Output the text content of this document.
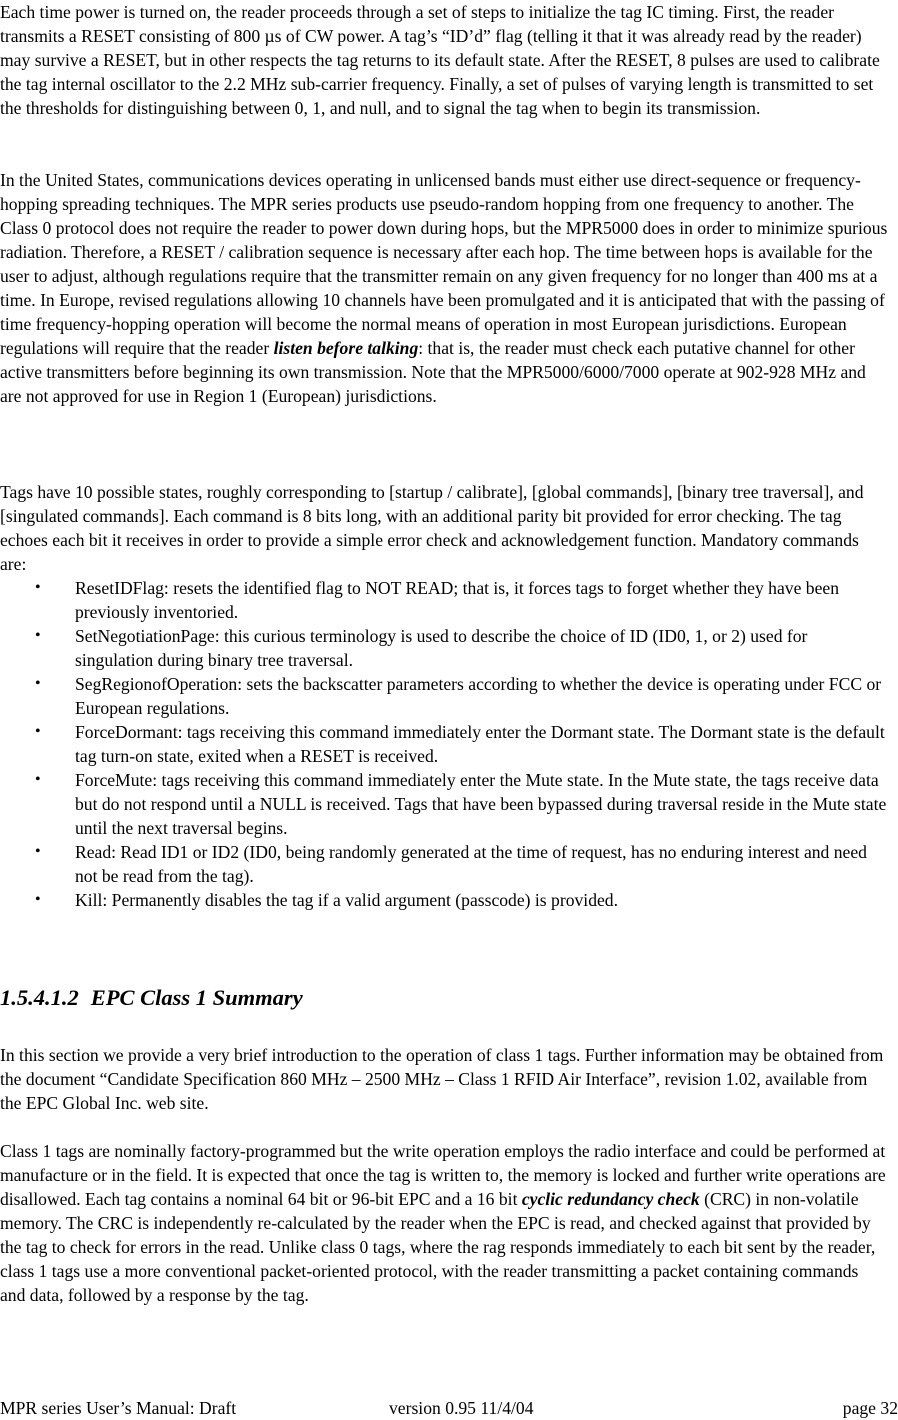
Each time power is turned on, the reader proceeds through a set of steps to initialize the tag IC timing. First, the reader transmits a RESET consisting of 800 µs of CW power. A tag’s “ID’d” flag (telling it that it was already read by the reader) may survive a RESET, but in other respects the tag returns to its default state. After the RESET, 8 pulses are used to calibrate the tag internal oscillator to the 2.2 MHz sub-carrier frequency. Finally, a set of pulses of varying length is transmitted to set the thresholds for distinguishing between 0, 1, and null, and to signal the tag when to begin its transmission.

In the United States, communications devices operating in unlicensed bands must either use direct-sequence or frequency-hopping spreading techniques. The MPR series products use pseudo-random hopping from one frequency to another. The Class 0 protocol does not require the reader to power down during hops, but the MPR5000 does in order to minimize spurious radiation. Therefore, a RESET / calibration sequence is necessary after each hop. The time between hops is available for the user to adjust, although regulations require that the transmitter remain on any given frequency for no longer than 400 ms at a time. In Europe, revised regulations allowing 10 channels have been promulgated and it is anticipated that with the passing of time frequency-hopping operation will become the normal means of operation in most European jurisdictions. European regulations will require that the reader listen before talking: that is, the reader must check each putative channel for other active transmitters before beginning its own transmission. Note that the MPR5000/6000/7000 operate at 902-928 MHz and are not approved for use in Region 1 (European) jurisdictions.

Tags have 10 possible states, roughly corresponding to [startup / calibrate], [global commands], [binary tree traversal], and [singulated commands]. Each command is 8 bits long, with an additional parity bit provided for error checking. The tag echoes each bit it receives in order to provide a simple error check and acknowledgement function. Mandatory commands are:

• ResetIDFlag: resets the identified flag to NOT READ; that is, it forces tags to forget whether they have been previously inventoried.
• SetNegotiationPage: this curious terminology is used to describe the choice of ID (ID0, 1, or 2) used for singulation during binary tree traversal.
• SegRegionofOperation: sets the backscatter parameters according to whether the device is operating under FCC or European regulations.
• ForceDormant: tags receiving this command immediately enter the Dormant state. The Dormant state is the default tag turn-on state, exited when a RESET is received.
• ForceMute: tags receiving this command immediately enter the Mute state. In the Mute state, the tags receive data but do not respond until a NULL is received. Tags that have been bypassed during traversal reside in the Mute state until the next traversal begins.
• Read: Read ID1 or ID2 (ID0, being randomly generated at the time of request, has no enduring interest and need not be read from the tag).
• Kill: Permanently disables the tag if a valid argument (passcode) is provided.
1.5.4.1.2 EPC Class 1 Summary

In this section we provide a very brief introduction to the operation of class 1 tags. Further information may be obtained from the document “Candidate Specification 860 MHz – 2500 MHz – Class 1 RFID Air Interface”, revision 1.02, available from the EPC Global Inc. web site.

Class 1 tags are nominally factory-programmed but the write operation employs the radio interface and could be performed at manufacture or in the field. It is expected that once the tag is written to, the memory is locked and further write operations are disallowed. Each tag contains a nominal 64 bit or 96-bit EPC and a 16 bit cyclic redundancy check (CRC) in non-volatile memory. The CRC is independently re-calculated by the reader when the EPC is read, and checked against that provided by the tag to check for errors in the read. Unlike class 0 tags, where the rag responds immediately to each bit sent by the reader, class 1 tags use a more conventional packet-oriented protocol, with the reader transmitting a packet containing commands and data, followed by a response by the tag.

MPR series User’s Manual: Draft	version 0.95 11/4/04	page 32
